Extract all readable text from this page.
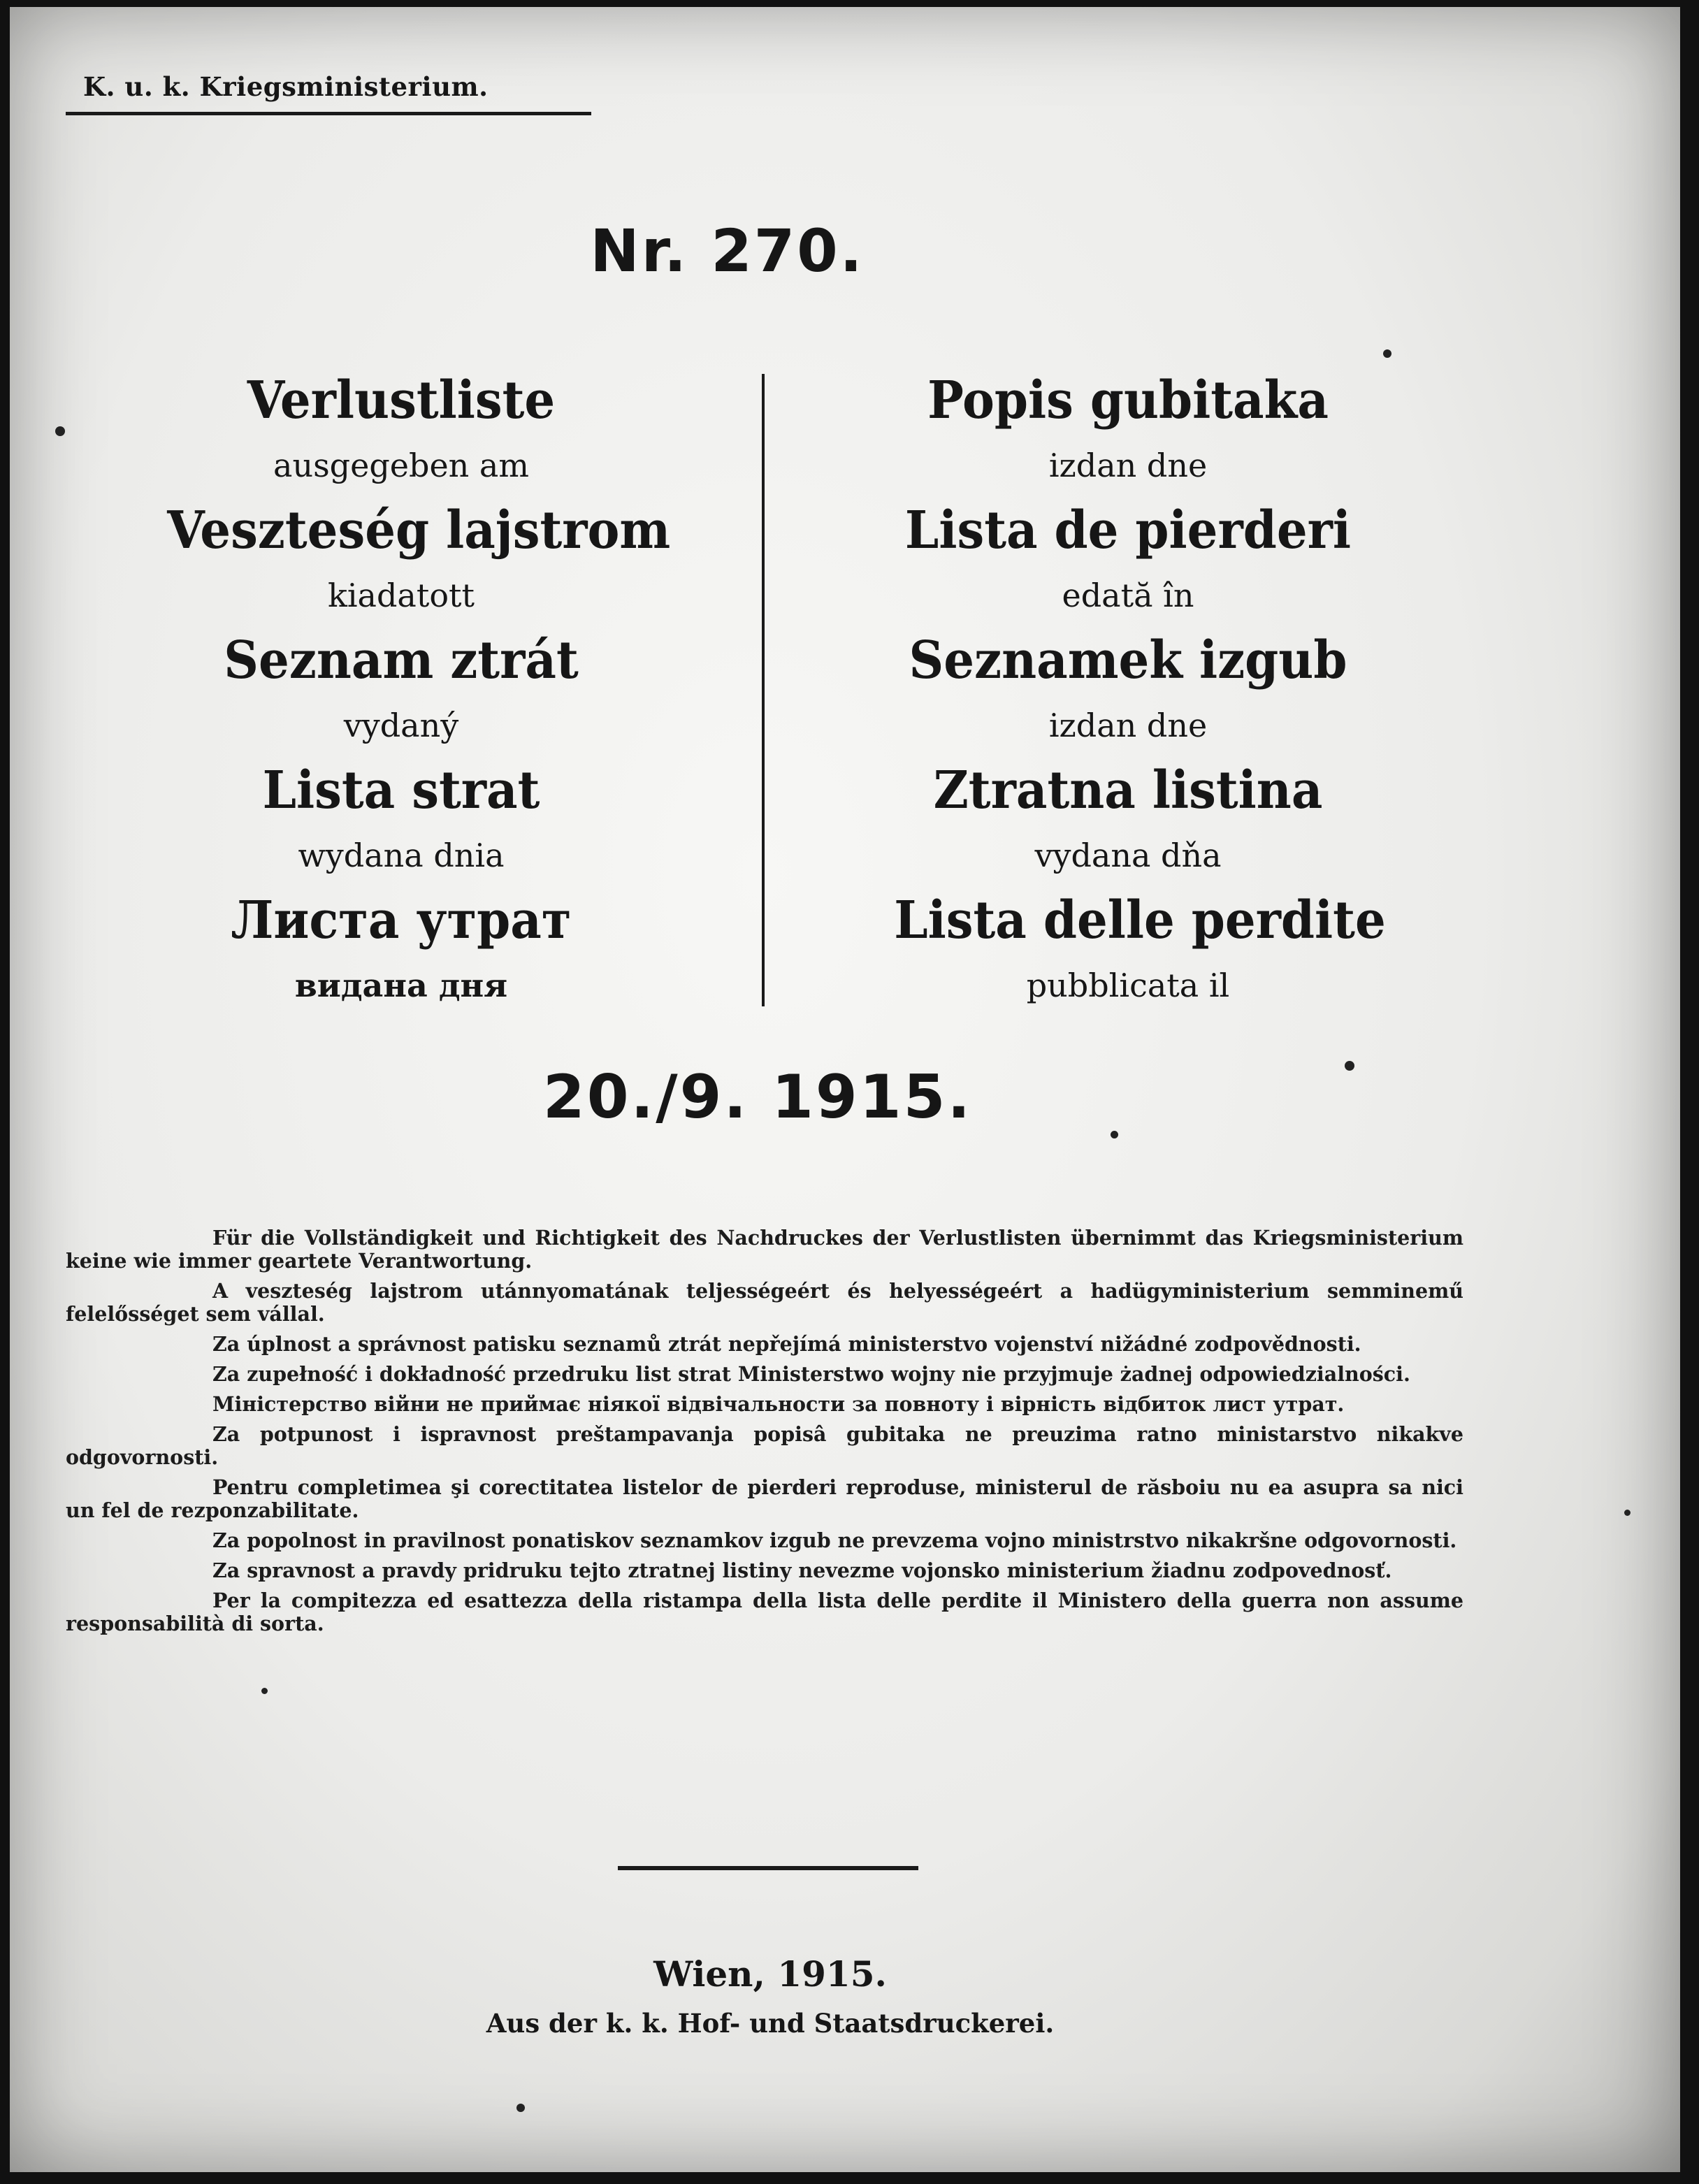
K. u. k. Kriegsministerium.
Nr. 270.
Verlustliste
ausgegeben am
Veszteség lajstrom
kiadatott
Seznam ztrát
vydaný
Lista strat
wydana dnia
Листа утрат
видана дня
Popis gubitaka
izdan dne
Lista de pierderi
edată în
Seznamek izgub
izdan dne
Ztratna listina
vydana dňa
Lista delle perdite
pubblicata il
20./9. 1915.

Für die Vollständigkeit und Richtigkeit des Nachdruckes der Verlustlisten übernimmt das Kriegsministerium keine wie immer geartete Verantwortung.

A veszteség lajstrom utánnyomatának teljességeért és helyességeért a hadügyministerium semminemű felelősséget sem vállal.

Za úplnost a správnost patisku seznamů ztrát nepřejímá ministerstvo vojenství nižádné zodpovědnosti.

Za zupełność i dokładność przedruku list strat Ministerstwo wojny nie przyjmuje żadnej odpowiedzialności.

Міністерство війни не приймає ніякої відвічальности за повноту і вірність відбиток лист утрат.

Za potpunost i ispravnost preštampavanja popisâ gubitaka ne preuzima ratno ministarstvo nikakve odgovornosti.

Pentru completimea şi corectitatea listelor de pierderi reproduse, ministerul de răsboiu nu ea asupra sa nici un fel de rezponzabilitate.

Za popolnost in pravilnost ponatiskov seznamkov izgub ne prevzema vojno ministrstvo nikakršne odgovornosti.

Za spravnost a pravdy pridruku tejto ztratnej listiny nevezme vojonsko ministerium žiadnu zodpovednosť.

Per la compitezza ed esattezza della ristampa della lista delle perdite il Ministero della guerra non assume responsabilità di sorta.

Wien, 1915.
Aus der k. k. Hof- und Staatsdruckerei.
